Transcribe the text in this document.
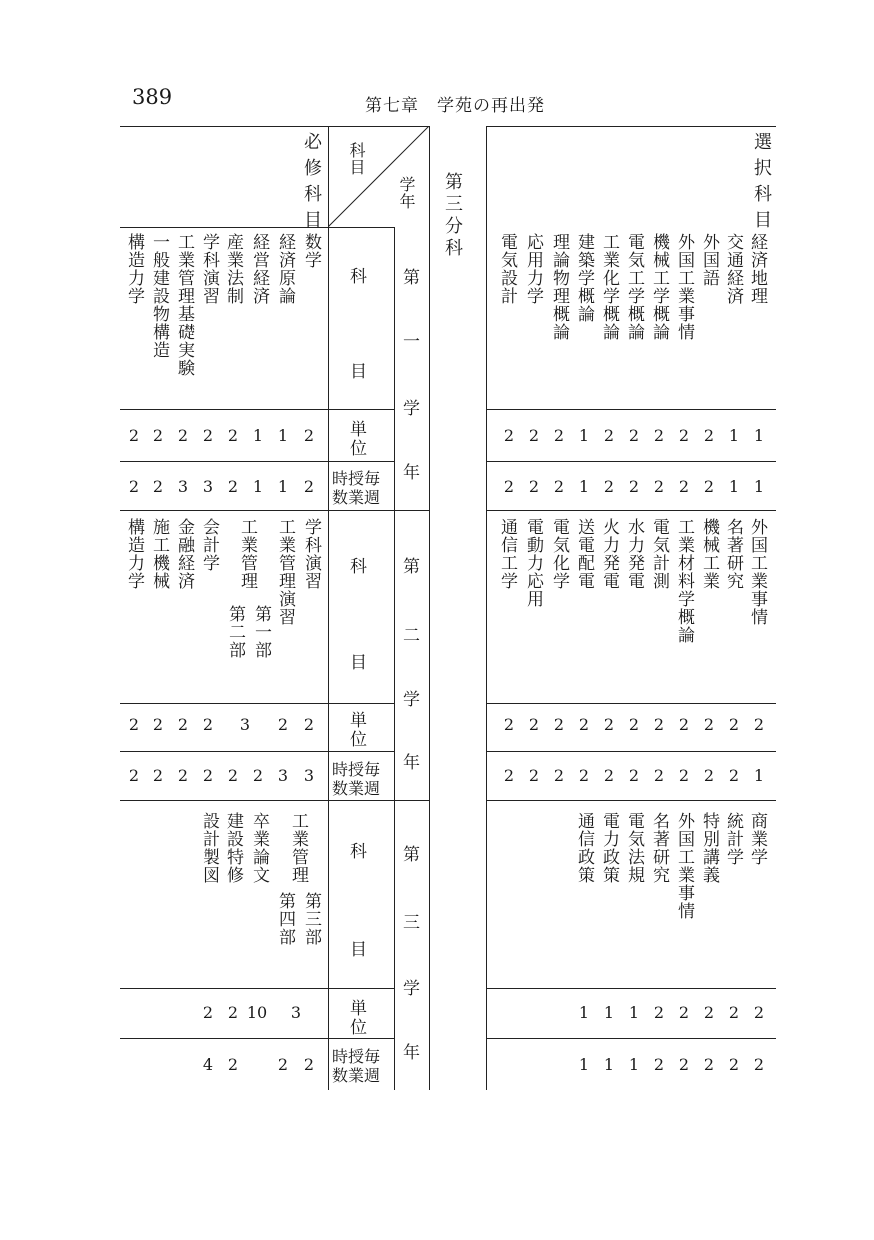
389	第七章　学苑の再出発
科目
学年
必修科目
科
目
単
位
時授毎
数業週
科
目
単
位
時授毎
数業週
科
目
単
位
時授毎
数業週
第
一
学
年
第
二
学
年
第
三
学
年
数学
経済原論
経営経済
産業法制
学科演習
工業管理基礎実験
一般建設物構造
構造力学
2
1
1
2
2
2
2
2
2
1
1
2
3
3
2
2
学科演習
工業管理演習
工業管理
会計学
金融経済
施工機械
構造力学
第一部
第二部
2
2
3
2
2
2
2
3
3
2
2
2
2
2
2
工業管理
卒業論文
建設特修
設計製図
第三部
第四部
3
10
2
2
2
2
2
4
第三分科	選択科目
経済地理
交通経済
外国語
外国工業事情
機械工学概論
電気工学概論
工業化学概論
建築学概論
理論物理概論
応用力学
電気設計
1
1
2
2
2
2
2
1
2
2
2
1
1
2
2
2
2
2
1
2
2
2
外国工業事情
名著研究
機械工業
工業材料学概論
電気計測
水力発電
火力発電
送電配電
電気化学
電動力応用
通信工学
2
2
2
2
2
2
2
2
2
2
2
1
2
2
2
2
2
2
2
2
2
2
商業学
統計学
特別講義
外国工業事情
名著研究
電気法規
電力政策
通信政策
2
2
2
2
2
1
1
1
2
2
2
2
2
1
1
1
